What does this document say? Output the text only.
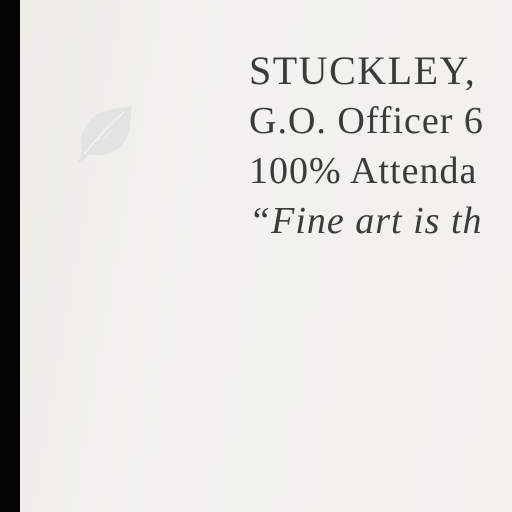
STUCKLEY,
G.O. Officer 6
100% Attenda
“Fine art is th
